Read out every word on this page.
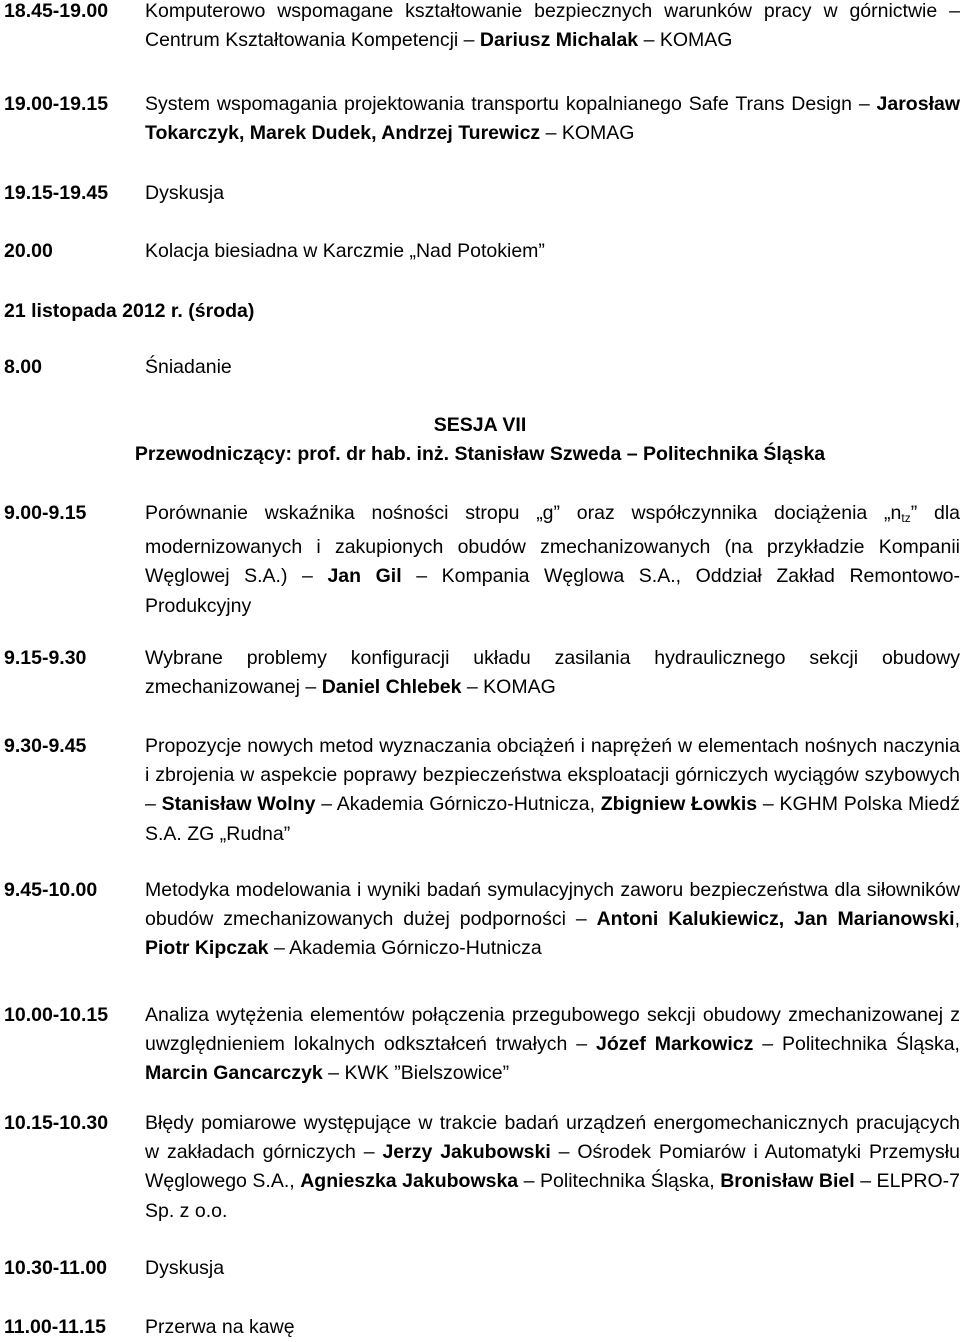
18.45-19.00 Komputerowo wspomagane kształtowanie bezpiecznych warunków pracy w górnictwie – Centrum Kształtowania Kompetencji – Dariusz Michalak – KOMAG
19.00-19.15 System wspomagania projektowania transportu kopalnianego Safe Trans Design – Jarosław Tokarczyk, Marek Dudek, Andrzej Turewicz – KOMAG
19.15-19.45 Dyskusja
20.00	Kolacja biesiadna w Karczmie „Nad Potokiem”
21 listopada 2012 r. (środa)
8.00	Śniadanie
SESJA VII
Przewodniczący: prof. dr hab. inż. Stanisław Szweda – Politechnika Śląska
9.00-9.15	Porównanie wskaźnika nośności stropu „g” oraz współczynnika dociążenia $„n_{tz}$” dla modernizowanych i zakupionych obudów zmechanizowanych (na przykładzie Kompanii Węglowej S.A.) – Jan Gil – Kompania Węglowa S.A., Oddział Zakład Remontowo-Produkcyjny
9.15-9.30	Wybrane problemy konfiguracji układu zasilania hydraulicznego sekcji obudowy zmechanizowanej – Daniel Chlebek – KOMAG
9.30-9.45	Propozycje nowych metod wyznaczania obciążeń i naprężeń w elementach nośnych naczynia i zbrojenia w aspekcie poprawy bezpieczeństwa eksploatacji górniczych wyciągów szybowych – Stanisław Wolny – Akademia Górniczo-Hutnicza, Zbigniew Łowkis – KGHM Polska Miedź S.A. ZG „Rudna”
9.45-10.00 Metodyka modelowania i wyniki badań symulacyjnych zaworu bezpieczeństwa dla siłowników obudów zmechanizowanych dużej podporności – Antoni Kalukiewicz, Jan Marianowski, Piotr Kipczak – Akademia Górniczo-Hutnicza
10.00-10.15 Analiza wytężenia elementów połączenia przegubowego sekcji obudowy zmechanizowanej z uwzględnieniem lokalnych odkształceń trwałych – Józef Markowicz – Politechnika Śląska, Marcin Gancarczyk – KWK ”Bielszowice”
10.15-10.30 Błędy pomiarowe występujące w trakcie badań urządzeń energomechanicznych pracujących w zakładach górniczych – Jerzy Jakubowski – Ośrodek Pomiarów i Automatyki Przemysłu Węglowego S.A., Agnieszka Jakubowska – Politechnika Śląska, Bronisław Biel – ELPRO-7 Sp. z o.o.
10.30-11.00 Dyskusja
11.00-11.15 Przerwa na kawę
